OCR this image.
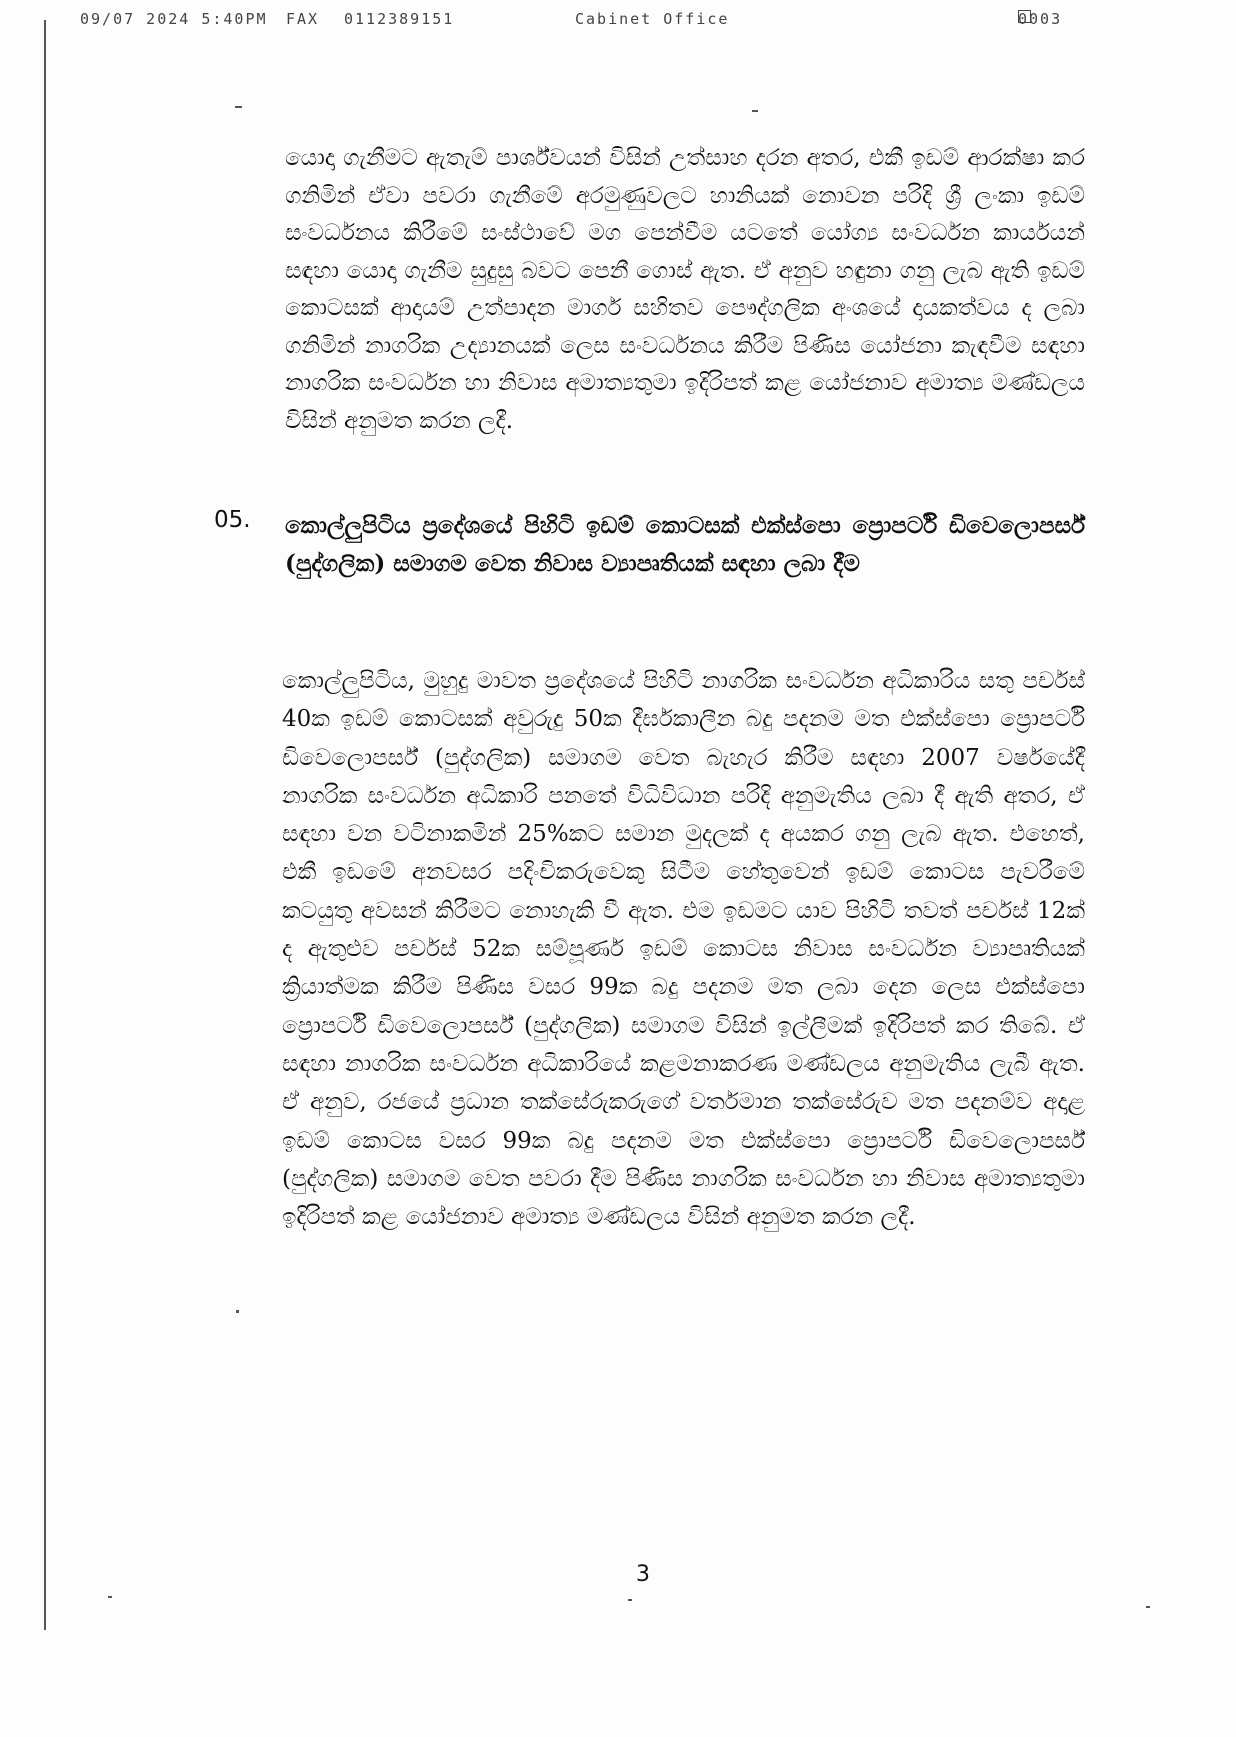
09/07 2024 5:40PM FAX 0112389151	Cabinet Office	0003

යොදා ගැනීමට ඇතැම් පාර්ශ්වයන් විසින් උත්සාහ දරන අතර, එකී ඉඩම් ආරක්ෂා කර ගනිමින් ඒවා පවරා ගැනීමේ අරමුණුවලට හානියක් නොවන පරිදි ශ්‍රී ලංකා ඉඩම් සංවර්ධනය කිරීමේ සංස්ථාවේ මග පෙන්වීම යටතේ යෝග්‍ය සංවර්ධන කාර්යයන් සඳහා යොදා ගැනීම සුදුසු බවට පෙනී ගොස් ඇත. ඒ අනුව හඳුනා ගනු ලැබ ඇති ඉඩම් කොටසක් ආදායම් උත්පාදන මාර්ග සහිතව පෞද්ගලික අංශයේ දායකත්වය ද ලබා ගනිමින් නාගරික උද්‍යානයක් ලෙස සංවර්ධනය කිරීම පිණිස යෝජනා කැඳවීම සඳහා නාගරික සංවර්ධන හා නිවාස අමාත්‍යතුමා ඉදිරිපත් කළ යෝජනාව අමාත්‍ය මණ්ඩලය විසින් අනුමත කරන ලදී.

05. කොල්ලුපිටිය ප්‍රදේශයේ පිහිටි ඉඩම් කොටසක් එක්ස්පො ප්‍රොපර්ටි ඩිවෙලොපර්ස් (පුද්ගලික) සමාගම වෙත නිවාස ව්‍යාපෘතියක් සඳහා ලබා දීම

කොල්ලුපිටිය, මුහුදු මාවත ප්‍රදේශයේ පිහිටි නාගරික සංවර්ධන අධිකාරිය සතු පර්චස් 40ක ඉඩම් කොටසක් අවුරුදු 50ක දීර්ඝකාලීන බදු පදනම මත එක්ස්පො ප්‍රොපර්ටි ඩිවෙලොපර්ස් (පුද්ගලික) සමාගම වෙත බැහැර කිරීම සඳහා 2007 වර්ෂයේදී නාගරික සංවර්ධන අධිකාරි පනතේ විධිවිධාන පරිදි අනුමැතිය ලබා දී ඇති අතර, ඒ සඳහා වන වටිනාකමින් 25%කට සමාන මුදලක් ද අයකර ගනු ලැබ ඇත. එහෙත්, එකී ඉඩමේ අනවසර පදිංචිකරුවෙකු සිටීම හේතුවෙන් ඉඩම් කොටස පැවරීමේ කටයුතු අවසන් කිරීමට නොහැකි වී ඇත. එම ඉඩමට යාව පිහිටි තවත් පර්චස් 12ක් ද ඇතුළුව පර්චස් 52ක සම්පූර්ණ ඉඩම් කොටස නිවාස සංවර්ධන ව්‍යාපෘතියක් ක්‍රියාත්මක කිරීම පිණිස වසර 99ක බදු පදනම මත ලබා දෙන ලෙස එක්ස්පො ප්‍රොපර්ටි ඩිවෙලොපර්ස් (පුද්ගලික) සමාගම විසින් ඉල්ලීමක් ඉදිරිපත් කර තිබේ. ඒ සඳහා නාගරික සංවර්ධන අධිකාරියේ කළමනාකරණ මණ්ඩලය අනුමැතිය ලැබී ඇත. ඒ අනුව, රජයේ ප්‍රධාන තක්සේරුකරුගේ වර්තමාන තක්සේරුව මත පදනම්ව අදාළ ඉඩම් කොටස වසර 99ක බදු පදනම මත එක්ස්පො ප්‍රොපර්ටි ඩිවෙලොපර්ස් (පුද්ගලික) සමාගම වෙත පවරා දීම පිණිස නාගරික සංවර්ධන හා නිවාස අමාත්‍යතුමා ඉදිරිපත් කළ යෝජනාව අමාත්‍ය මණ්ඩලය විසින් අනුමත කරන ලදී.

3
